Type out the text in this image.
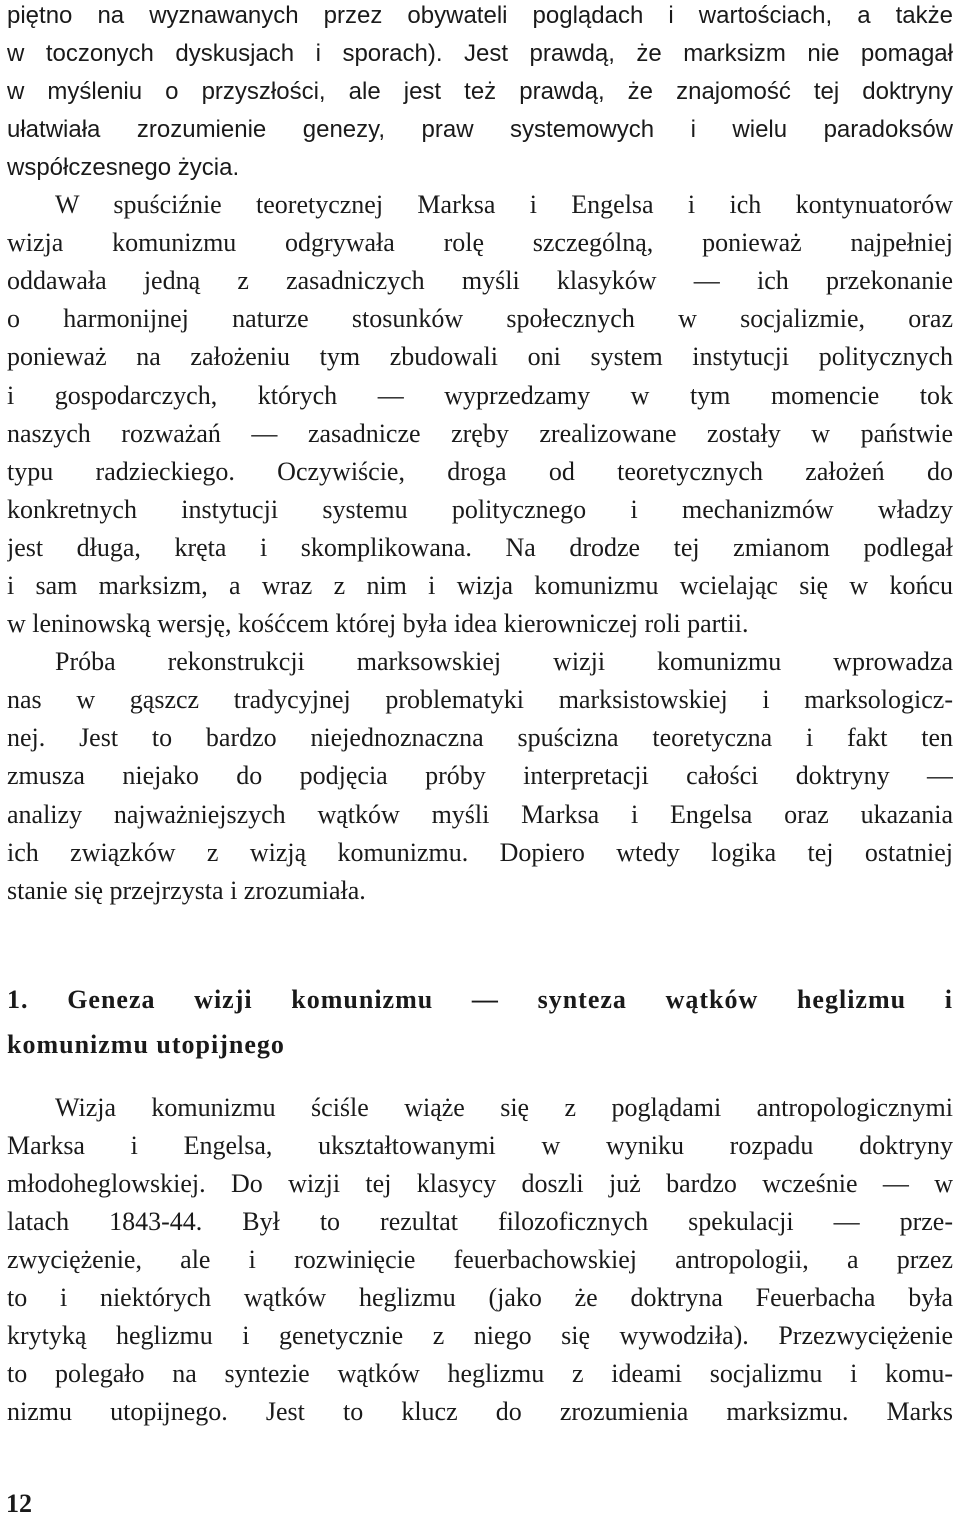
piętno na wyznawanych przez obywateli poglądach i wartościach, a także
w toczonych dyskusjach i sporach). Jest prawdą, że marksizm nie pomagał
w myśleniu o przyszłości, ale jest też prawdą, że znajomość tej doktryny
ułatwiała zrozumienie genezy, praw systemowych i wielu paradoksów
współczesnego życia.
W spuściźnie teoretycznej Marksa i Engelsa i ich kontynuatorów
wizja komunizmu odgrywała rolę szczególną, ponieważ najpełniej
oddawała jedną z zasadniczych myśli klasyków — ich przekonanie
o harmonijnej naturze stosunków społecznych w socjalizmie, oraz
ponieważ na założeniu tym zbudowali oni system instytucji politycznych
i gospodarczych, których — wyprzedzamy w tym momencie tok
naszych rozważań — zasadnicze zręby zrealizowane zostały w państwie
typu radzieckiego. Oczywiście, droga od teoretycznych założeń do
konkretnych instytucji systemu politycznego i mechanizmów władzy
jest długa, kręta i skomplikowana. Na drodze tej zmianom podlegał
i sam marksizm, a wraz z nim i wizja komunizmu wcielając się w końcu
w leninowską wersję, kośćcem której była idea kierowniczej roli partii.
Próba rekonstrukcji marksowskiej wizji komunizmu wprowadza
nas w gąszcz tradycyjnej problematyki marksistowskiej i marksologicz-
nej. Jest to bardzo niejednoznaczna spuścizna teoretyczna i fakt ten
zmusza niejako do podjęcia próby interpretacji całości doktryny —
analizy najważniejszych wątków myśli Marksa i Engelsa oraz ukazania
ich związków z wizją komunizmu. Dopiero wtedy logika tej ostatniej
stanie się przejrzysta i zrozumiała.
1. Geneza wizji komunizmu — synteza wątków heglizmu i
komunizmu utopijnego
Wizja komunizmu ściśle wiąże się z poglądami antropologicznymi
Marksa i Engelsa, ukształtowanymi w wyniku rozpadu doktryny
młodoheglowskiej. Do wizji tej klasycy doszli już bardzo wcześnie — w
latach 1843-44. Był to rezultat filozoficznych spekulacji — prze-
zwyciężenie, ale i rozwinięcie feuerbachowskiej antropologii, a przez
to i niektórych wątków heglizmu (jako że doktryna Feuerbacha była
krytyką heglizmu i genetycznie z niego się wywodziła). Przezwyciężenie
to polegało na syntezie wątków heglizmu z ideami socjalizmu i komu-
nizmu utopijnego. Jest to klucz do zrozumienia marksizmu. Marks
12
